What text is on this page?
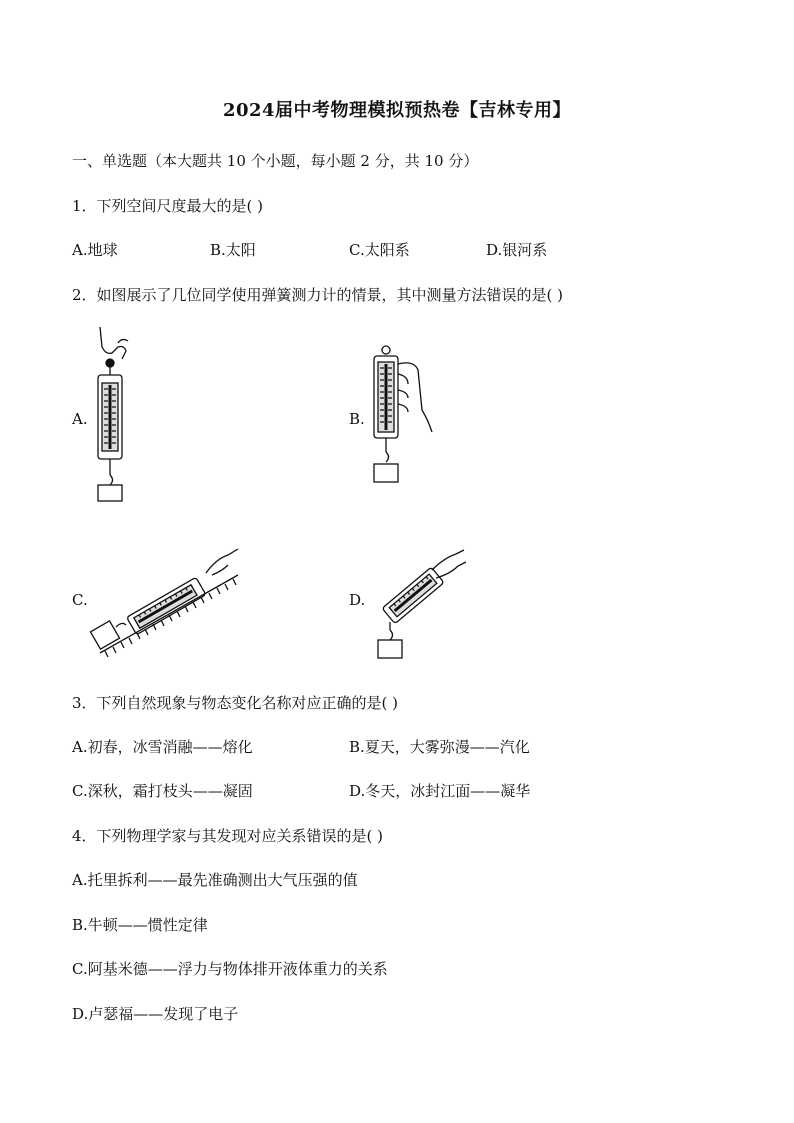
2024届中考物理模拟预热卷【吉林专用】
一、单选题（本大题共 10 个小题，每小题 2 分，共 10 分）
1．下列空间尺度最大的是( )
A.地球	B.太阳	C.太阳系	D.银河系
2．如图展示了几位同学使用弹簧测力计的情景，其中测量方法错误的是( )
A.	B.
C.	D.
3．下列自然现象与物态变化名称对应正确的是( )
A.初春，冰雪消融——熔化	B.夏天，大雾弥漫——汽化
C.深秋，霜打枝头——凝固	D.冬天，冰封江面——凝华
4．下列物理学家与其发现对应关系错误的是( )
A.托里拆利——最先准确测出大气压强的值
B.牛顿——惯性定律
C.阿基米德——浮力与物体排开液体重力的关系
D.卢瑟福——发现了电子
